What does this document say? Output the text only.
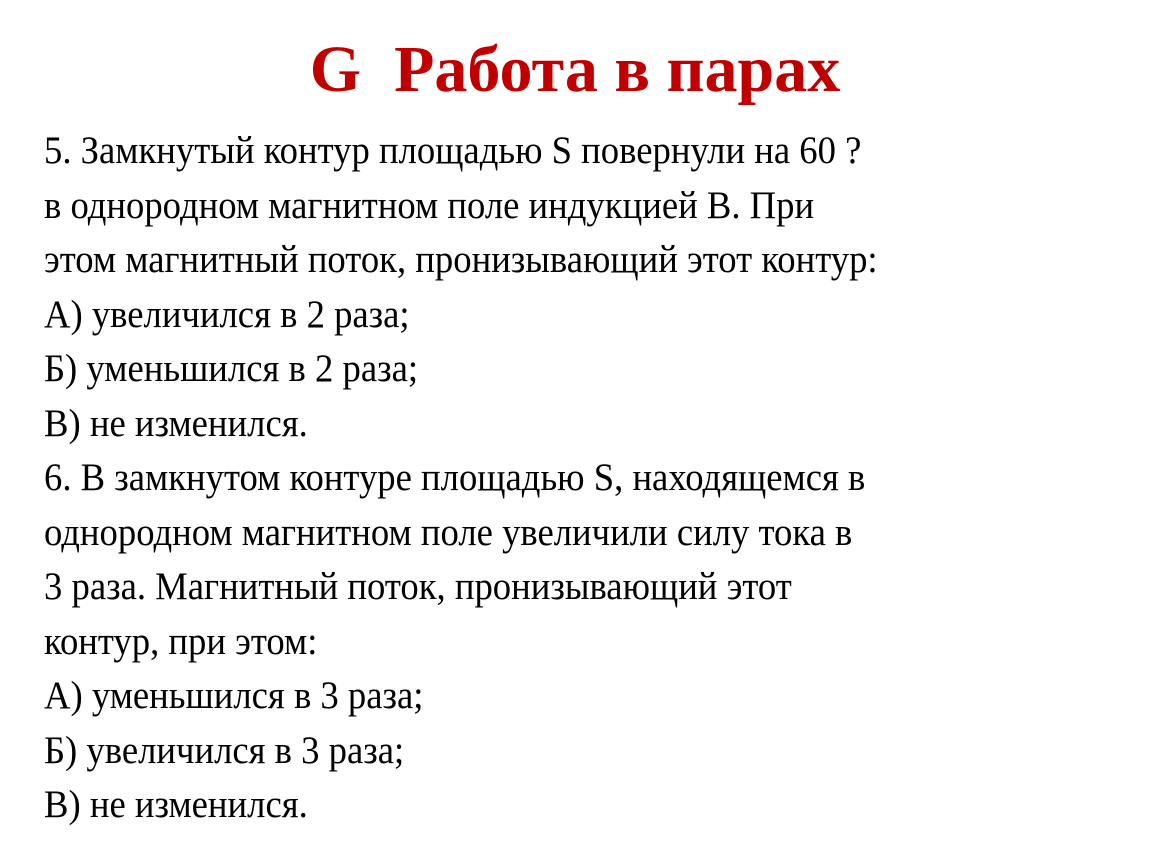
G  Работа в парах
5. Замкнутый контур площадью S повернули на 60 ?
в однородном магнитном поле индукцией В. При
этом магнитный поток, пронизывающий этот контур:
А) увеличился в 2 раза;
Б) уменьшился в 2 раза;
В) не изменился.
6. В замкнутом контуре площадью S, находящемся в
однородном магнитном поле увеличили силу тока в
3 раза. Магнитный поток, пронизывающий этот
контур, при этом:
А) уменьшился в 3 раза;
Б) увеличился в 3 раза;
В) не изменился.
